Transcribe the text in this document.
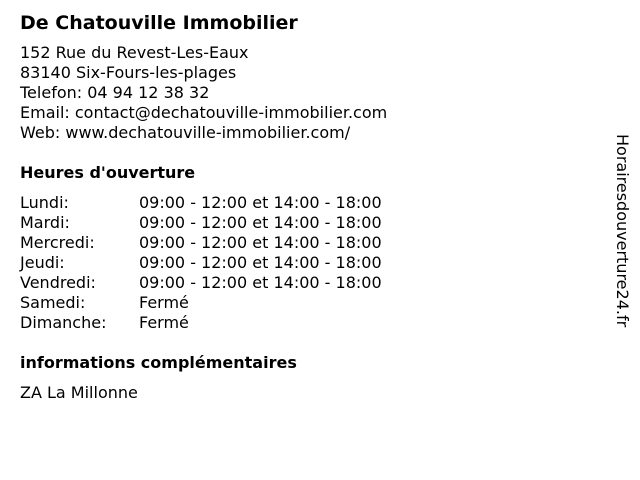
De Chatouville Immobilier
152 Rue du Revest-Les-Eaux
83140 Six-Fours-les-plages
Telefon: 04 94 12 38 32
Email: contact@dechatouville-immobilier.com
Web: www.dechatouville-immobilier.com/
Heures d'ouverture
Lundi:	09:00 - 12:00 et 14:00 - 18:00
Mardi:	09:00 - 12:00 et 14:00 - 18:00
Mercredi:	09:00 - 12:00 et 14:00 - 18:00
Jeudi:	09:00 - 12:00 et 14:00 - 18:00
Vendredi:	09:00 - 12:00 et 14:00 - 18:00
Samedi:	Fermé
Dimanche: Fermé
informations complémentaires
ZA La Millonne
Horairesdouverture24.fr
